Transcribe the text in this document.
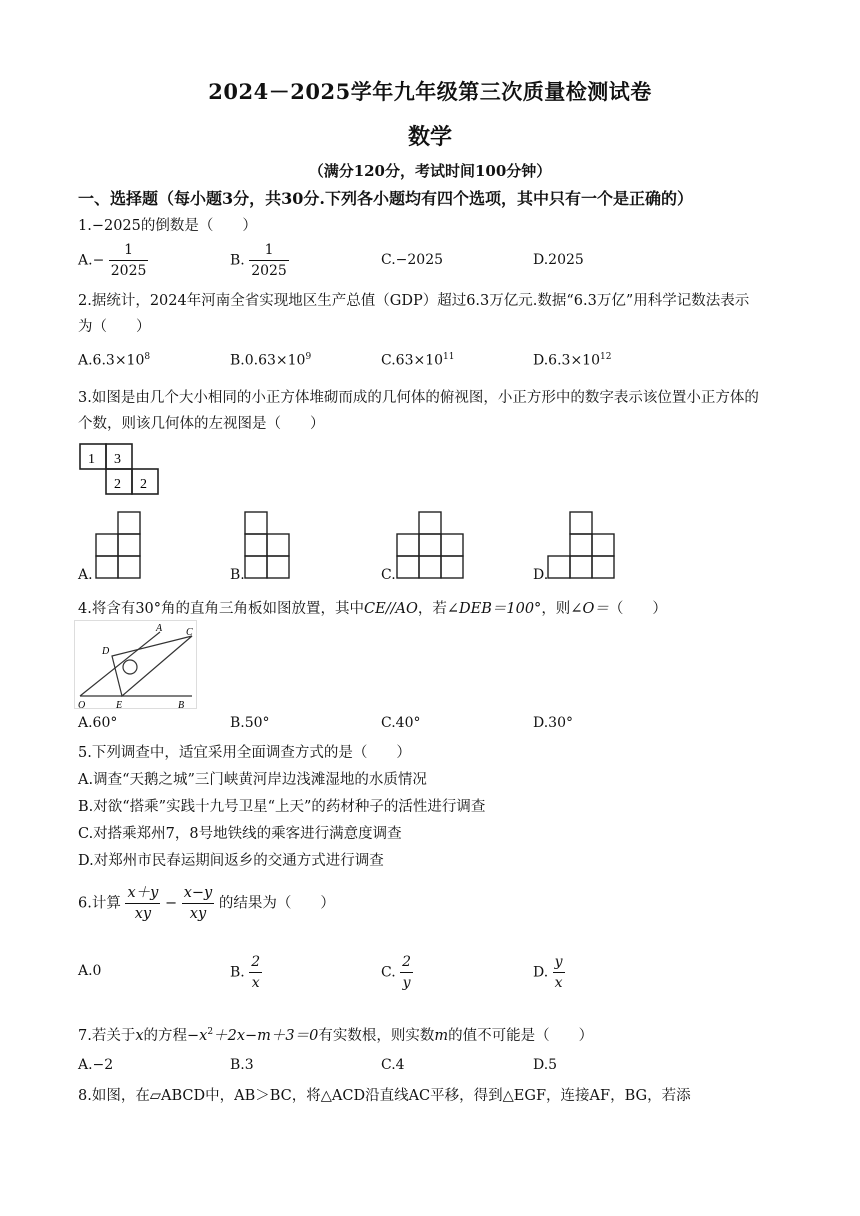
2024－2025学年九年级第三次质量检测试卷
数学
（满分120分，考试时间100分钟）
一、选择题（每小题3分，共30分.下列各小题均有四个选项，其中只有一个是正确的）
1.−2025的倒数是（　　）
$A.- \frac{1}{2025}$	B. $\frac{1}{2025}$	C.−2025	D.2025
2.据统计，2024年河南全省实现地区生产总值（GDP）超过6.3万亿元.数据“6.3万亿”用科学记数法表示
为（　　）
$A.6.3\times 10^8$	$B.0.63\times 10^9$	$C.63\times 10^{11}$	$D.6.3\times 10^{12}$
3.如图是由几个大小相同的小正方体堆砌而成的几何体的俯视图，小正方形中的数字表示该位置小正方体的
个数，则该几何体的左视图是（　　）
1 3
2 2
A.	B.	C.	D.
4.将含有30°角的直角三角板如图放置，其中CE//AO，若∠DEB＝100°，则∠O＝（　　）
A C
D
O	E	B
A.60°	B.50°	C.40°	D.30°
5.下列调查中，适宜采用全面调查方式的是（　　）
A.调查“天鹅之城”三门峡黄河岸边浅滩湿地的水质情况
B.对欲“搭乘”实践十九号卫星“上天”的药材种子的活性进行调查
C.对搭乘郑州7，8号地铁线的乘客进行满意度调查
D.对郑州市民春运期间返乡的交通方式进行调查
6.计算 $\frac{x+y}{xy} - \frac{x-y}{xy}$ 的结果为（　　）
A.0	B. $\frac{2}{x}$	C. $\frac{2}{y}$	D. $\frac{y}{x}$
7.若关于x的方程$-x^2+2x-m+3=0$有实数根，则实数m的值不可能是（　　）
A.−2	B.3	C.4	D.5
8.如图，在▱ABCD中，AB＞BC，将△ACD沿直线AC平移，得到△EGF，连接AF，BG，若添
